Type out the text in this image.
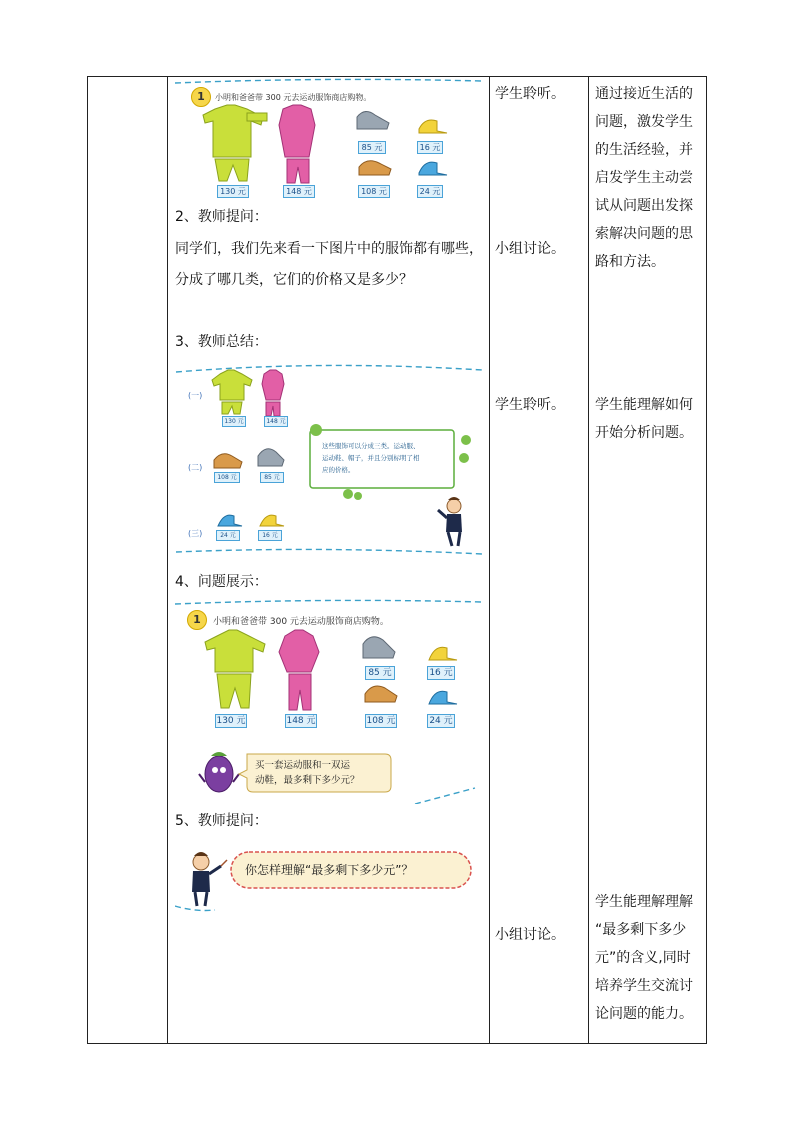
学生聆听。
小组讨论。
学生聆听。
小组讨论。
通过接近生活的
问题，激发学生
的生活经验，并
启发学生主动尝
试从问题出发探
索解决问题的思
路和方法。
学生能理解如何
开始分析问题。
学生能理解理解
“最多剩下多少
元”的含义,同时
培养学生交流讨
论问题的能力。
2、教师提问：
同学们，我们先来看一下图片中的服饰都有哪些，
分成了哪几类，它们的价格又是多少？
3、教师总结：
4、问题展示：
5、教师提问：
1	小明和爸爸带 300 元去运动服饰商店购物。
130 元	148 元
85 元	16 元
108 元	24 元
(一)
(二)
(三)
130 元	148 元
108 元	85 元
24 元	16 元
这些服饰可以分成三类。运动服、
运动鞋、帽子，并且分别标明了相
应的价格。
1	小明和爸爸带 300 元去运动服饰商店购物。
130 元	148 元
85 元	16 元
108 元	24 元
买一套运动服和一双运
动鞋，最多剩下多少元？
你怎样理解“最多剩下多少元”？
